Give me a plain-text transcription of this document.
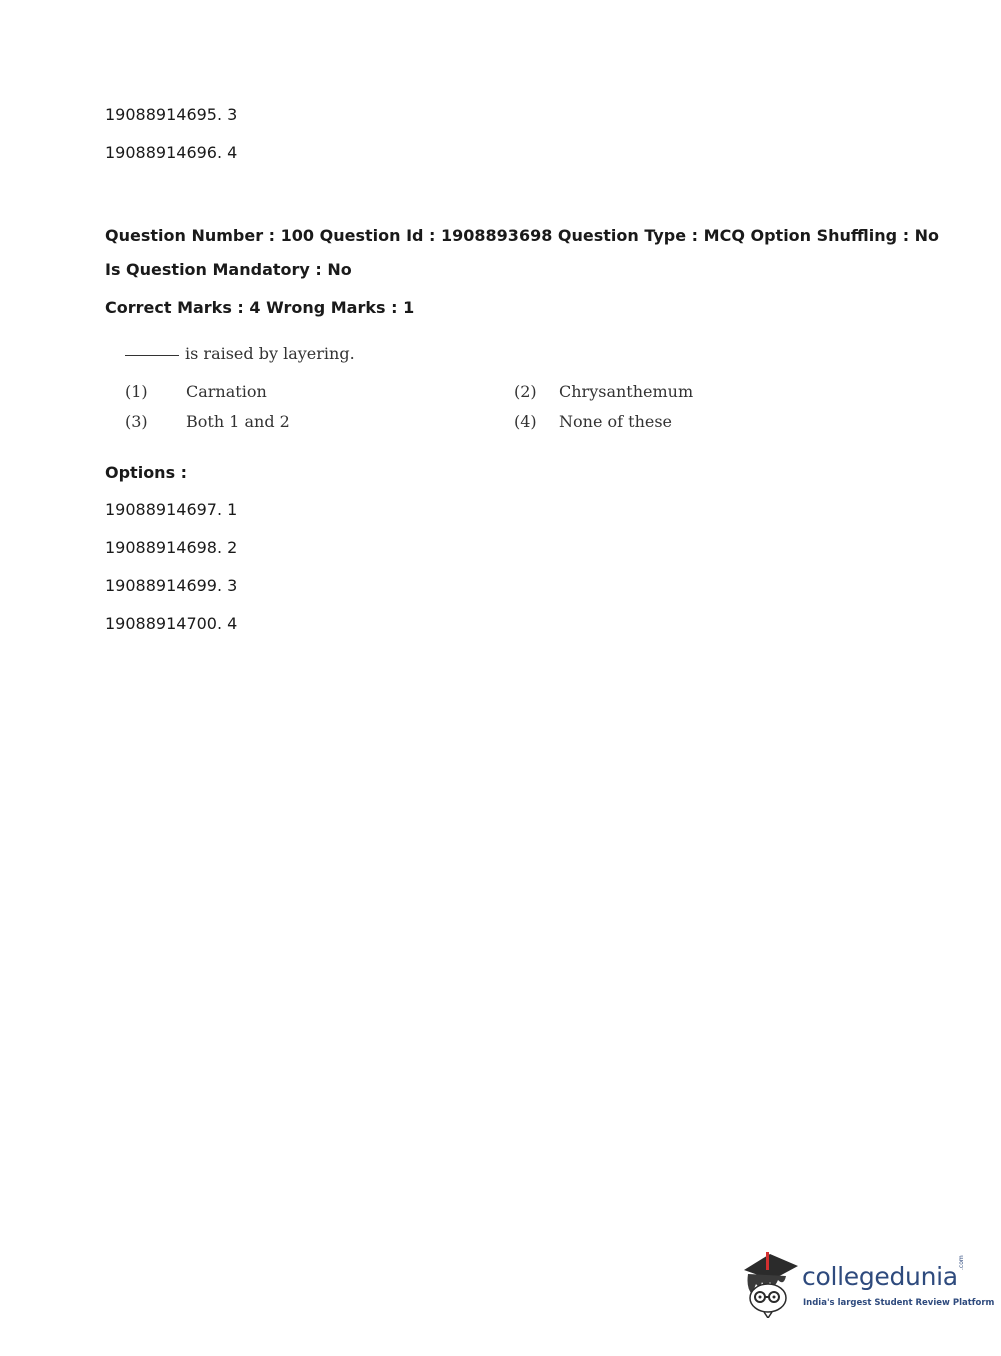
19088914695. 3
19088914696. 4
Question Number : 100 Question Id : 1908893698 Question Type : MCQ Option Shuffling : No
Is Question Mandatory : No
Correct Marks : 4 Wrong Marks : 1
is raised by layering.
(1) Carnation	(2) Chrysanthemum
(3) Both 1 and 2	(4) None of these
Options :
19088914697. 1
19088914698. 2
19088914699. 3
19088914700. 4
collegedunia .com
India's largest Student Review Platform
